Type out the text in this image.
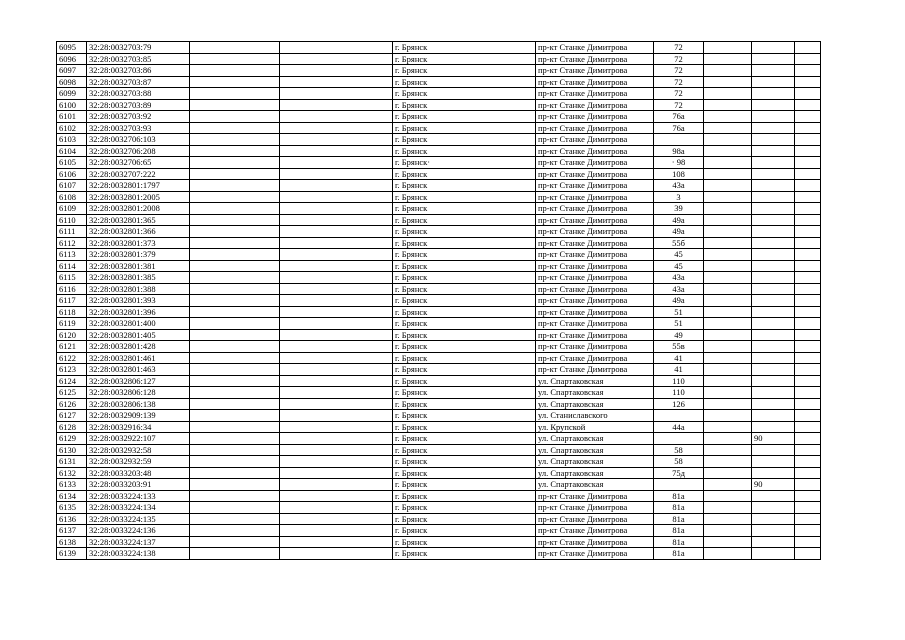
6095	32:28:0032703:79			г. Брянск	пр-кт Станке Димитрова	72			
6096	32:28:0032703:85			г. Брянск	пр-кт Станке Димитрова	72			
6097	32:28:0032703:86			г. Брянск	пр-кт Станке Димитрова	72			
6098	32:28:0032703:87			г. Брянск	пр-кт Станке Димитрова	72			
6099	32:28:0032703:88			г. Брянск	пр-кт Станке Димитрова	72			
6100	32:28:0032703:89			г. Брянск	пр-кт Станке Димитрова	72			
6101	32:28:0032703:92			г. Брянск	пр-кт Станке Димитрова	76а			
6102	32:28:0032703:93			г. Брянск	пр-кт Станке Димитрова	76а			
6103	32:28:0032706:103			г. Брянск	пр-кт Станке Димитрова				
6104	32:28:0032706:208			г. Брянск	пр-кт Станке Димитрова	98а			
6105	32:28:0032706:65			г. Брянск·	пр-кт Станке Димитрова	· 98			
6106	32:28:0032707:222			г. Брянск	пр-кт Станке Димитрова	108			
6107	32:28:0032801:1797			г. Брянск	пр-кт Станке Димитрова	43а			
6108	32:28:0032801:2005			г. Брянск	пр-кт Станке Димитрова	3			
6109	32:28:0032801:2008			г. Брянск	пр-кт Станке Димитрова	39			
6110	32:28:0032801:365			г. Брянск	пр-кт Станке Димитрова	49а			
6111	32:28:0032801:366			г. Брянск	пр-кт Станке Димитрова	49а			
6112	32:28:0032801:373			г. Брянск	пр-кт Станке Димитрова	55б			
6113	32:28:0032801:379			г. Брянск	пр-кт Станке Димитрова	45			
6114	32:28:0032801:381			г. Брянск	пр-кт Станке Димитрова	45			
6115	32:28:0032801:385			г. Брянск	пр-кт Станке Димитрова	43а			
6116	32:28:0032801:388			г. Брянск	пр-кт Станке Димитрова	43а			
6117	32:28:0032801:393			г. Брянск	пр-кт Станке Димитрова	49а			
6118	32:28:0032801:396			г. Брянск	пр-кт Станке Димитрова	51			
6119	32:28:0032801:400			г. Брянск	пр-кт Станке Димитрова	51			
6120	32:28:0032801:405			г. Брянск	пр-кт Станке Димитрова	49			
6121	32:28:0032801:428			г. Брянск	пр-кт Станке Димитрова	55в			
6122	32:28:0032801:461			г. Брянск	пр-кт Станке Димитрова	41			
6123	32:28:0032801:463			г. Брянск	пр-кт Станке Димитрова	41			
6124	32:28:0032806:127			г. Брянск	ул. Спартаковская	110			
6125	32:28:0032806:128			г. Брянск	ул. Спартаковская	110			
6126	32:28:0032806:138			г. Брянск	ул. Спартаковская	126			
6127	32:28:0032909:139			г. Брянск	ул. Станиславского				
6128	32:28:0032916:34			г. Брянск	ул. Крупской	44а			
6129	32:28:0032922:107			г. Брянск	ул. Спартаковская			90	
6130	32:28:0032932:58			г. Брянск	ул. Спартаковская	58			
6131	32:28:0032932:59			г. Брянск	ул. Спартаковская	58			
6132	32:28:0033203:48			г. Брянск	ул. Спартаковская	75д			
6133	32:28:0033203:91			г. Брянск	ул. Спартаковская			90	
6134	32:28:0033224:133			г. Брянск	пр-кт Станке Димитрова	81а			
6135	32:28:0033224:134			г. Брянск	пр-кт Станке Димитрова	81а			
6136	32:28:0033224:135			г. Брянск	пр-кт Станке Димитрова	81а			
6137	32:28:0033224:136			г. Брянск	пр-кт Станке Димитрова	81а			
6138	32:28:0033224:137			г. Брянск	пр-кт Станке Димитрова	81а			
6139	32:28:0033224:138			г. Брянск	пр-кт Станке Димитрова	81а			
